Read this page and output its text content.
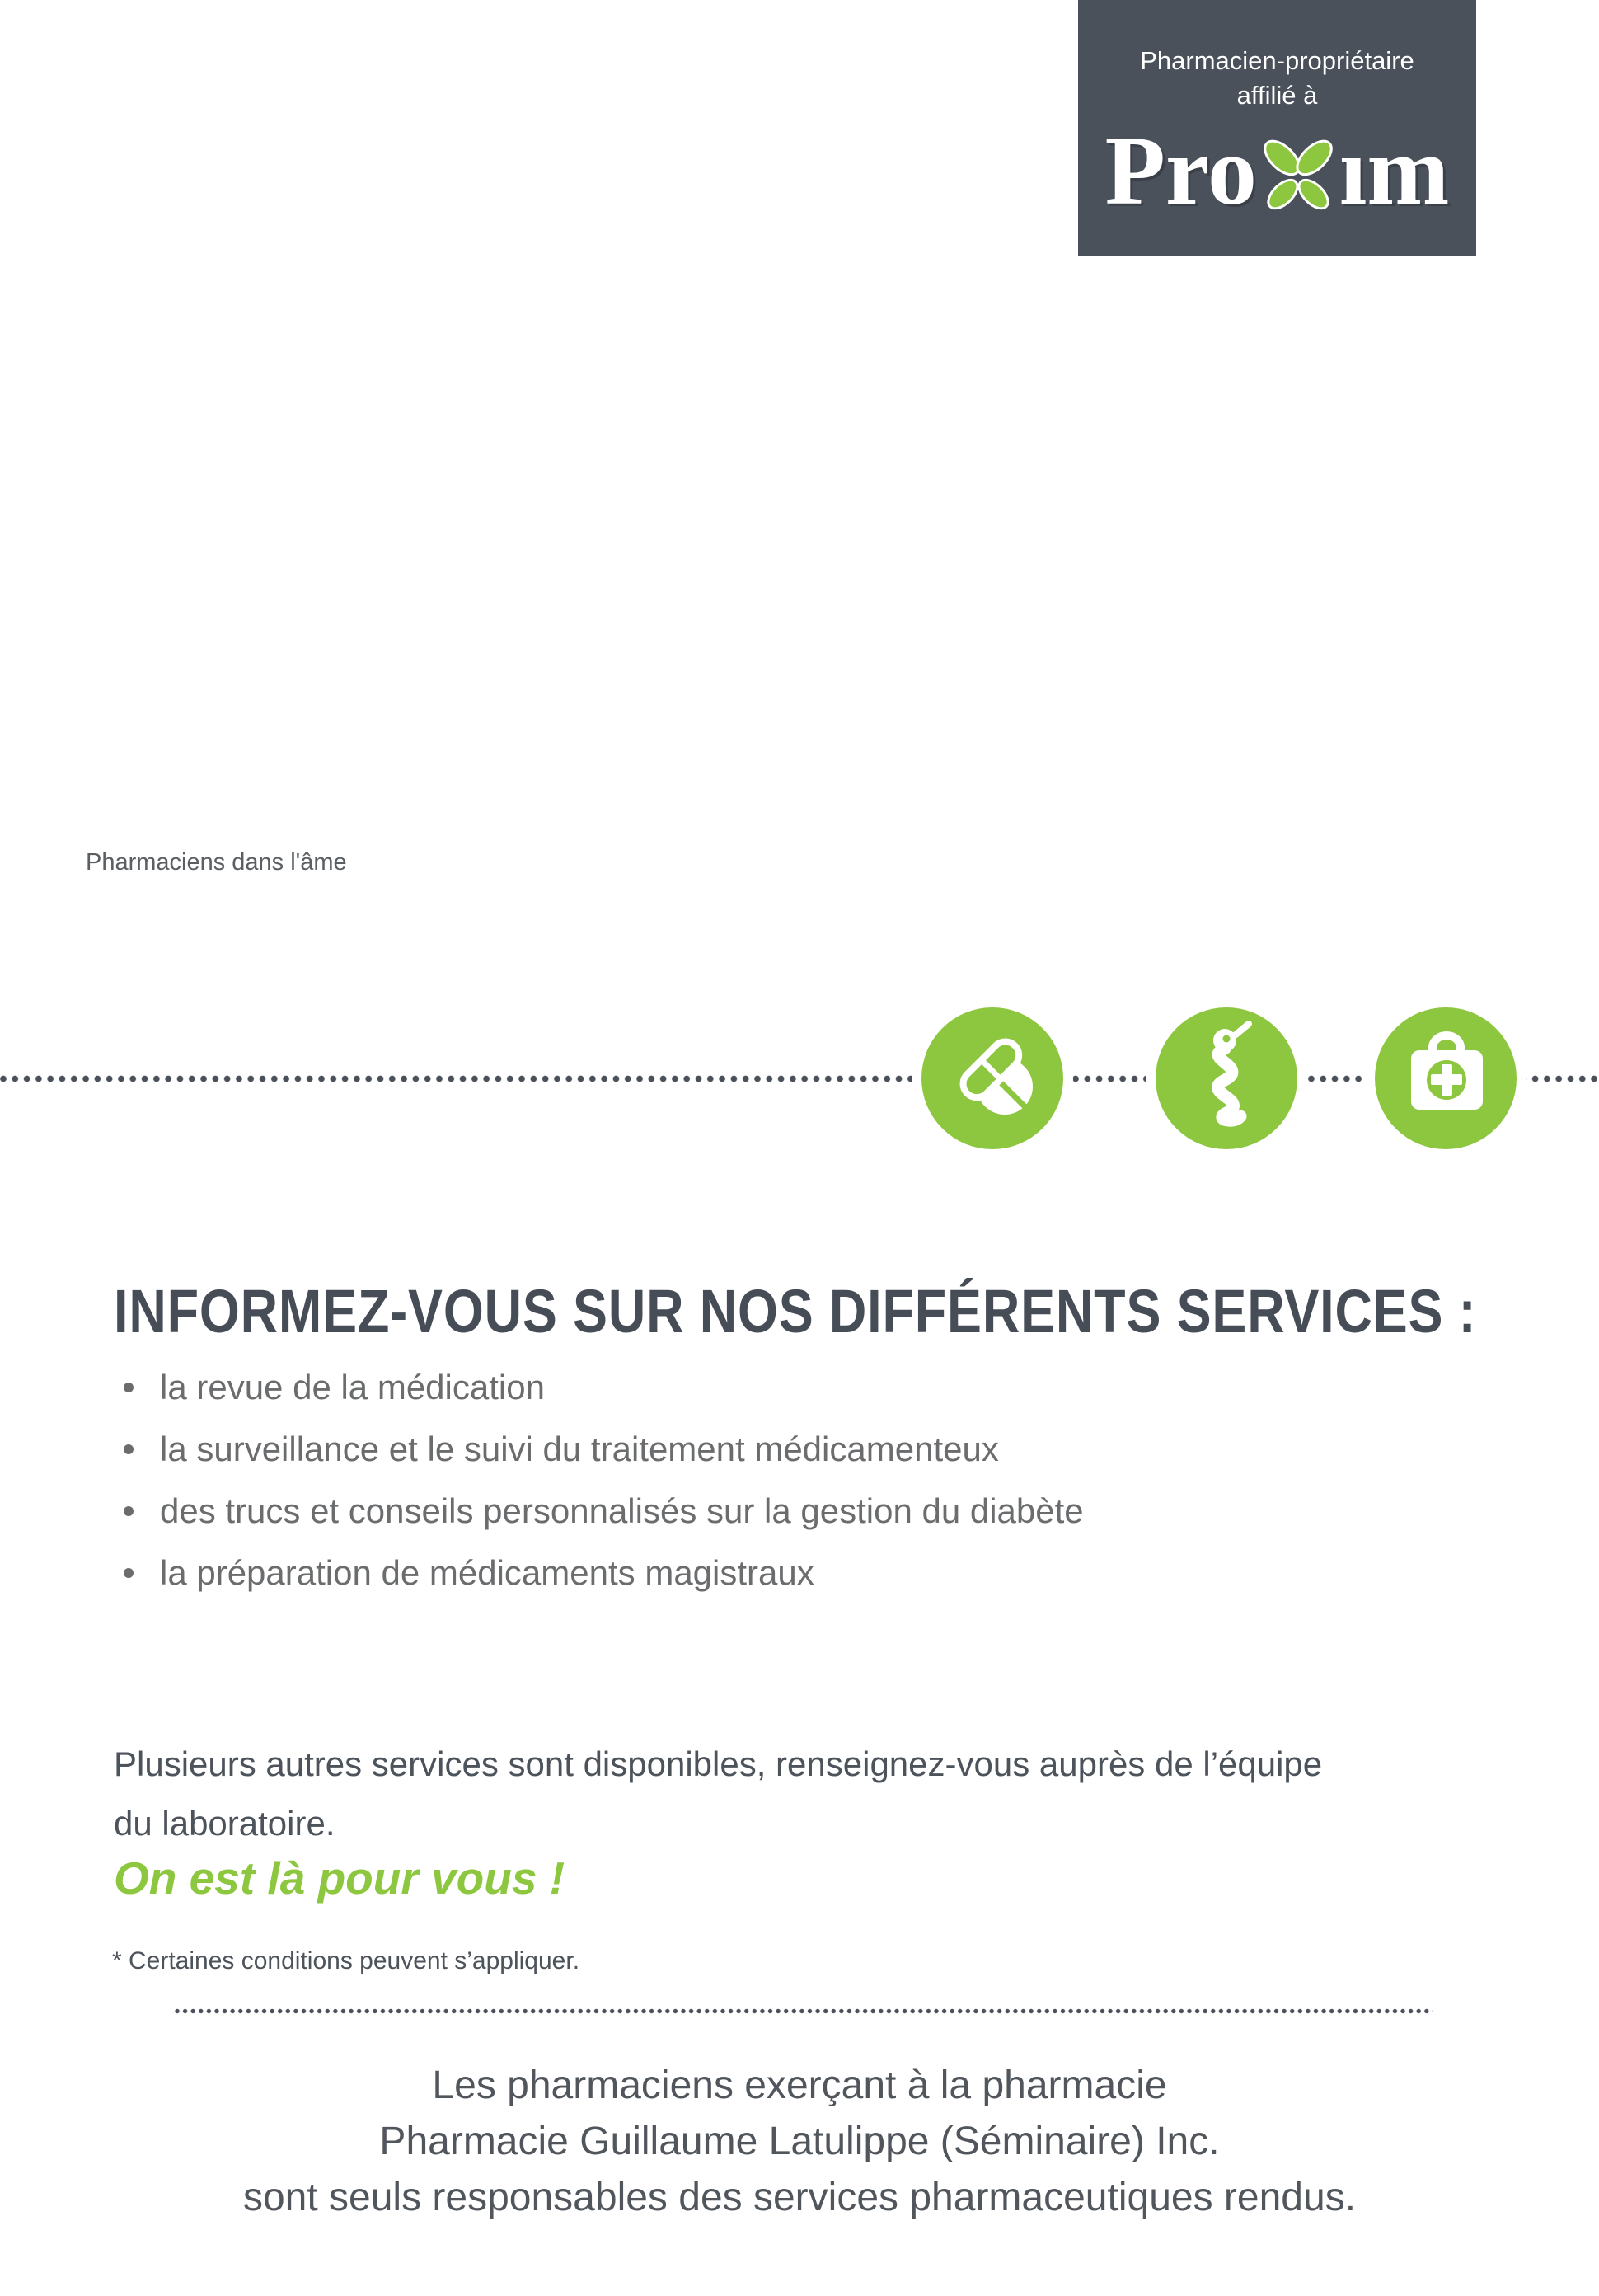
Pharmacien-propriétaire
affilié à
Pro ım
Pharmaciens dans l'âme
INFORMEZ-VOUS SUR NOS DIFFÉRENTS SERVICES :
la revue de la médication
la surveillance et le suivi du traitement médicamenteux
des trucs et conseils personnalisés sur la gestion du diabète
la préparation de médicaments magistraux
Plusieurs autres services sont disponibles, renseignez-vous auprès de l’équipe
du laboratoire.
On est là pour vous !
* Certaines conditions peuvent s’appliquer.
Les pharmaciens exerçant à la pharmacie
Pharmacie Guillaume Latulippe (Séminaire) Inc.
sont seuls responsables des services pharmaceutiques rendus.
